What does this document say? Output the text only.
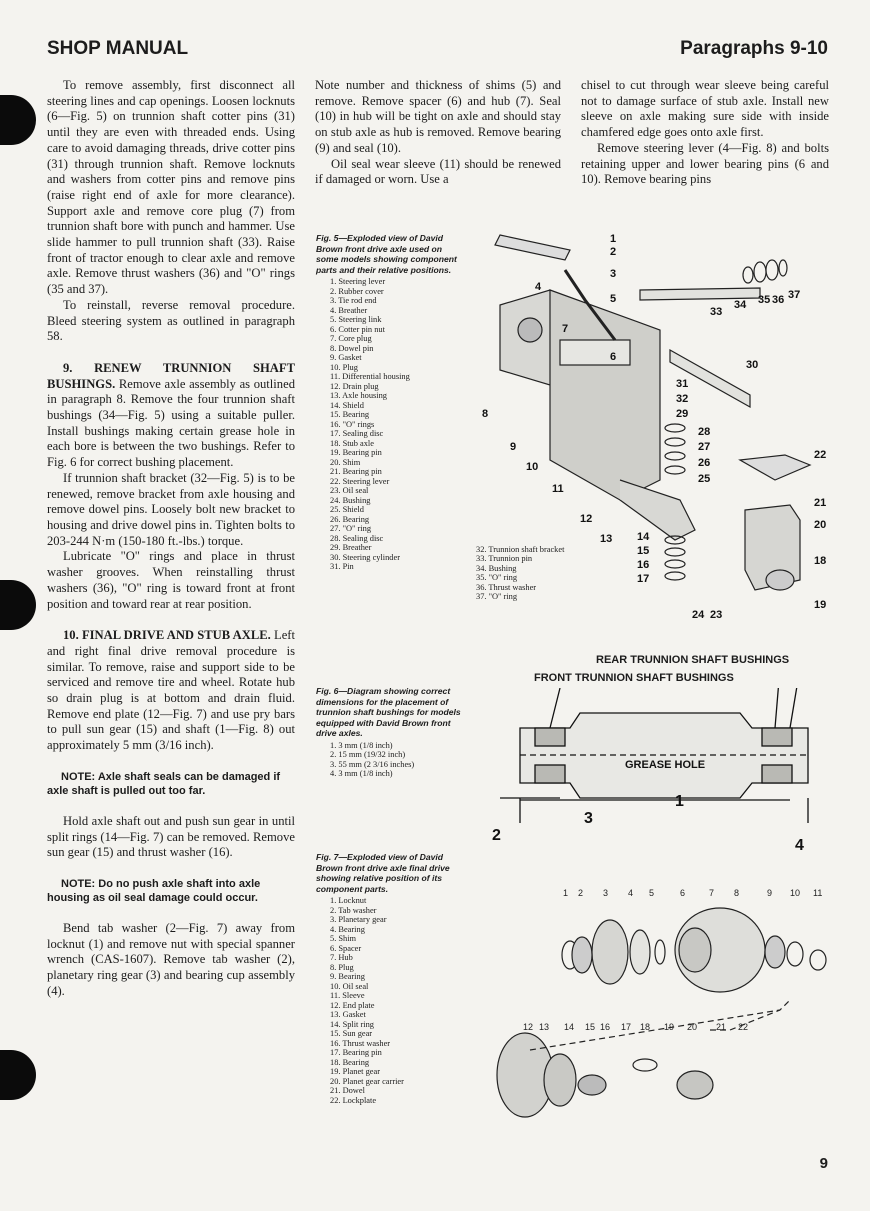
SHOP MANUAL	Paragraphs 9-10

To remove assembly, first disconnect all steering lines and cap openings. Loosen locknuts (6—Fig. 5) on trunnion shaft cotter pins (31) until they are even with threaded ends. Using care to avoid damaging threads, drive cotter pins (31) through trunnion shaft. Remove locknuts and washers from cotter pins and remove pins (raise right end of axle for more clearance). Support axle and remove core plug (7) from trunnion shaft bore with punch and hammer. Use slide hammer to pull trunnion shaft (33). Raise front of tractor enough to clear axle and remove axle. Remove thrust washers (36) and "O" rings (35 and 37).

To reinstall, reverse removal procedure. Bleed steering system as outlined in paragraph 58.

9. RENEW TRUNNION SHAFT BUSHINGS. Remove axle assembly as outlined in paragraph 8. Remove the four trunnion shaft bushings (34—Fig. 5) using a suitable puller. Install bushings making certain grease hole in each bore is between the two bushings. Refer to Fig. 6 for correct bushing placement.

If trunnion shaft bracket (32—Fig. 5) is to be renewed, remove bracket from axle housing and remove dowel pins. Loosely bolt new bracket to housing and drive dowel pins in. Tighten bolts to 203-244 N·m (150-180 ft.-lbs.) torque.

Lubricate "O" rings and place in thrust washer grooves. When reinstalling thrust washers (36), "O" ring is toward front at front position and toward rear at rear position.

10. FINAL DRIVE AND STUB AXLE. Left and right final drive removal procedure is similar. To remove, raise and support side to be serviced and remove tire and wheel. Rotate hub so drain plug is at bottom and drain fluid. Remove end plate (12—Fig. 7) and use pry bars to pull sun gear (15) and shaft (1—Fig. 8) out approximately 5 mm (3/16 inch).

NOTE: Axle shaft seals can be damaged if axle shaft is pulled out too far.

Hold axle shaft out and push sun gear in until split rings (14—Fig. 7) can be removed. Remove sun gear (15) and thrust washer (16).

NOTE: Do no push axle shaft into axle housing as oil seal damage could occur.

Bend tab washer (2—Fig. 7) away from locknut (1) and remove nut with special spanner wrench (CAS-1607). Remove tab washer (2), planetary ring gear (3) and bearing cup assembly (4).

Note number and thickness of shims (5) and remove. Remove spacer (6) and hub (7). Seal (10) in hub will be tight on axle and should stay on stub axle as hub is removed. Remove bearing (9) and seal (10).

Oil seal wear sleeve (11) should be renewed if damaged or worn. Use a

chisel to cut through wear sleeve being careful not to damage surface of stub axle. Install new sleeve on axle making sure side with inside chamfered edge goes onto axle first.

Remove steering lever (4—Fig. 8) and bolts retaining upper and lower bearing pins (6 and 10). Remove bearing pins

Fig. 5—Exploded view of David Brown front drive axle used on some models showing component parts and their relative positions.
1. Steering lever
2. Rubber cover
3. Tie rod end
4. Breather
5. Steering link
6. Cotter pin nut
7. Core plug
8. Dowel pin
9. Gasket
10. Plug
11. Differential housing
12. Drain plug
13. Axle housing
14. Shield
15. Bearing
16. "O" rings
17. Sealing disc
18. Stub axle
19. Bearing pin
20. Shim
21. Bearing pin
22. Steering lever
23. Oil seal
24. Bushing
25. Shield
26. Bearing
27. "O" ring
28. Sealing disc
29. Breather
30. Steering cylinder
31. Pin
32. Trunnion shaft bracket
33. Trunnion pin
34. Bushing
35. "O" ring
36. Thrust washer
37. "O" ring
1
2
3
4
5
6
7
8
9
10
11
12
13 14
15
16
17
18
19
20
21
22
23
24
25
26
27
28
29
30
31
32
33
34 35 36 37
Fig. 6—Diagram showing correct dimensions for the placement of trunnion shaft bushings for models equipped with David Brown front drive axles.
1. 3 mm (1/8 inch)
2. 15 mm (19/32 inch)
3. 55 mm (2 3/16 inches)
4. 3 mm (1/8 inch)
REAR TRUNNION SHAFT BUSHINGS
FRONT TRUNNION SHAFT BUSHINGS
GREASE HOLE
1
2
3
4
Fig. 7—Exploded view of David Brown front drive axle final drive showing relative position of its component parts.
1. Locknut
2. Tab washer
3. Planetary gear
4. Bearing
5. Shim
6. Spacer
7. Hub
8. Plug
9. Bearing
10. Oil seal
11. Sleeve
12. End plate
13. Gasket
14. Split ring
15. Sun gear
16. Thrust washer
17. Bearing pin
18. Bearing
19. Planet gear
20. Planet gear carrier
21. Dowel
22. Lockplate
1 2 3 4 5	6	7 8	9 10 11
12 13 14 15 16 17 18 19 20 21 22
9
